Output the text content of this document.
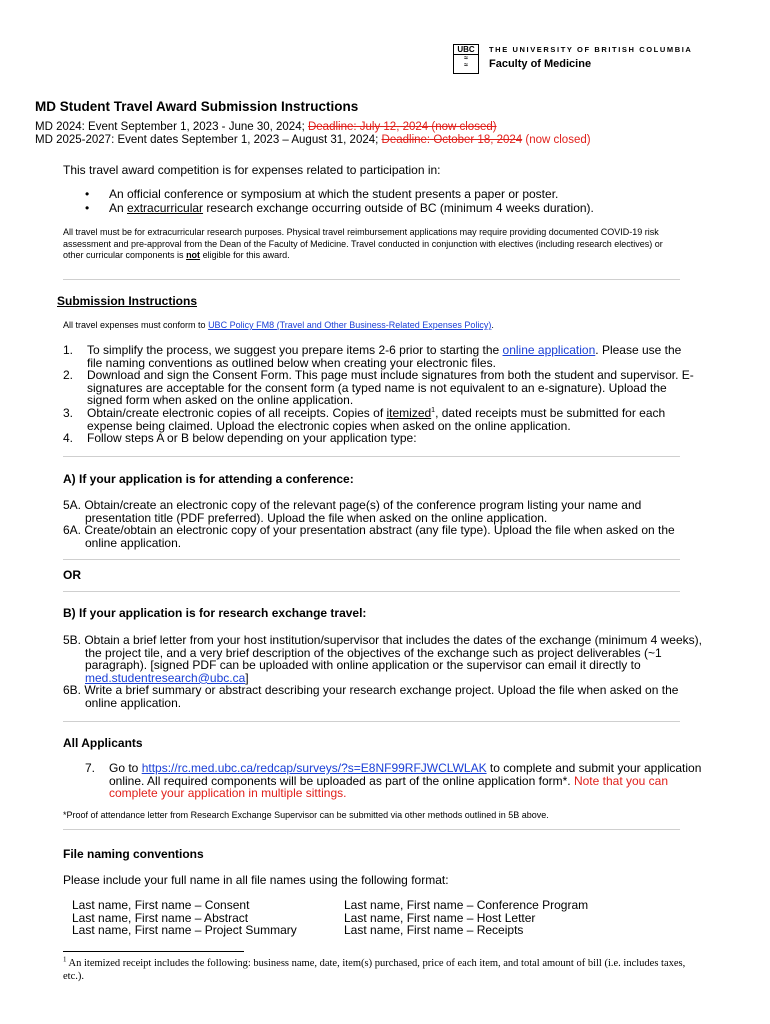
UBC
≈
≈
THE UNIVERSITY OF BRITISH COLUMBIA
Faculty of Medicine
MD Student Travel Award Submission Instructions
MD 2024: Event September 1, 2023 - June 30, 2024; Deadline: July 12, 2024 (now closed)
MD 2025-2027: Event dates September 1, 2023 – August 31, 2024; Deadline: October 18, 2024 (now closed)
This travel award competition is for expenses related to participation in:
• An official conference or symposium at which the student presents a paper or poster.
• An extracurricular research exchange occurring outside of BC (minimum 4 weeks duration).
All travel must be for extracurricular research purposes. Physical travel reimbursement applications may require providing documented COVID-19 risk assessment and pre-approval from the Dean of the Faculty of Medicine. Travel conducted in conjunction with electives (including research electives) or other curricular components is not eligible for this award.
Submission Instructions
All travel expenses must conform to UBC Policy FM8 (Travel and Other Business-Related Expenses Policy).
1. To simplify the process, we suggest you prepare items 2-6 prior to starting the online application. Please use the file naming conventions as outlined below when creating your electronic files.
2. Download and sign the Consent Form. This page must include signatures from both the student and supervisor. E-signatures are acceptable for the consent form (a typed name is not equivalent to an e-signature). Upload the signed form when asked on the online application.
3. Obtain/create electronic copies of all receipts. Copies of itemized$^1$, dated receipts must be submitted for each expense being claimed. Upload the electronic copies when asked on the online application.
4. Follow steps A or B below depending on your application type:
A) If your application is for attending a conference:
5A. Obtain/create an electronic copy of the relevant page(s) of the conference program listing your name and presentation title (PDF preferred). Upload the file when asked on the online application.
6A. Create/obtain an electronic copy of your presentation abstract (any file type). Upload the file when asked on the online application.
OR
B) If your application is for research exchange travel:
5B. Obtain a brief letter from your host institution/supervisor that includes the dates of the exchange (minimum 4 weeks), the project tile, and a very brief description of the objectives of the exchange such as project deliverables (~1 paragraph). [signed PDF can be uploaded with online application or the supervisor can email it directly to med.studentresearch@ubc.ca]
6B. Write a brief summary or abstract describing your research exchange project. Upload the file when asked on the online application.
All Applicants
7. Go to https://rc.med.ubc.ca/redcap/surveys/?s=E8NF99RFJWCLWLAK to complete and submit your application online. All required components will be uploaded as part of the online application form*. Note that you can complete your application in multiple sittings.
*Proof of attendance letter from Research Exchange Supervisor can be submitted via other methods outlined in 5B above.
File naming conventions
Please include your full name in all file names using the following format:
Last name, First name – Consent	Last name, First name – Conference Program
Last name, First name – Abstract	Last name, First name – Host Letter
Last name, First name – Project Summary	Last name, First name – Receipts
$^1$ An itemized receipt includes the following: business name, date, item(s) purchased, price of each item, and total amount of bill (i.e. includes taxes, etc.).
